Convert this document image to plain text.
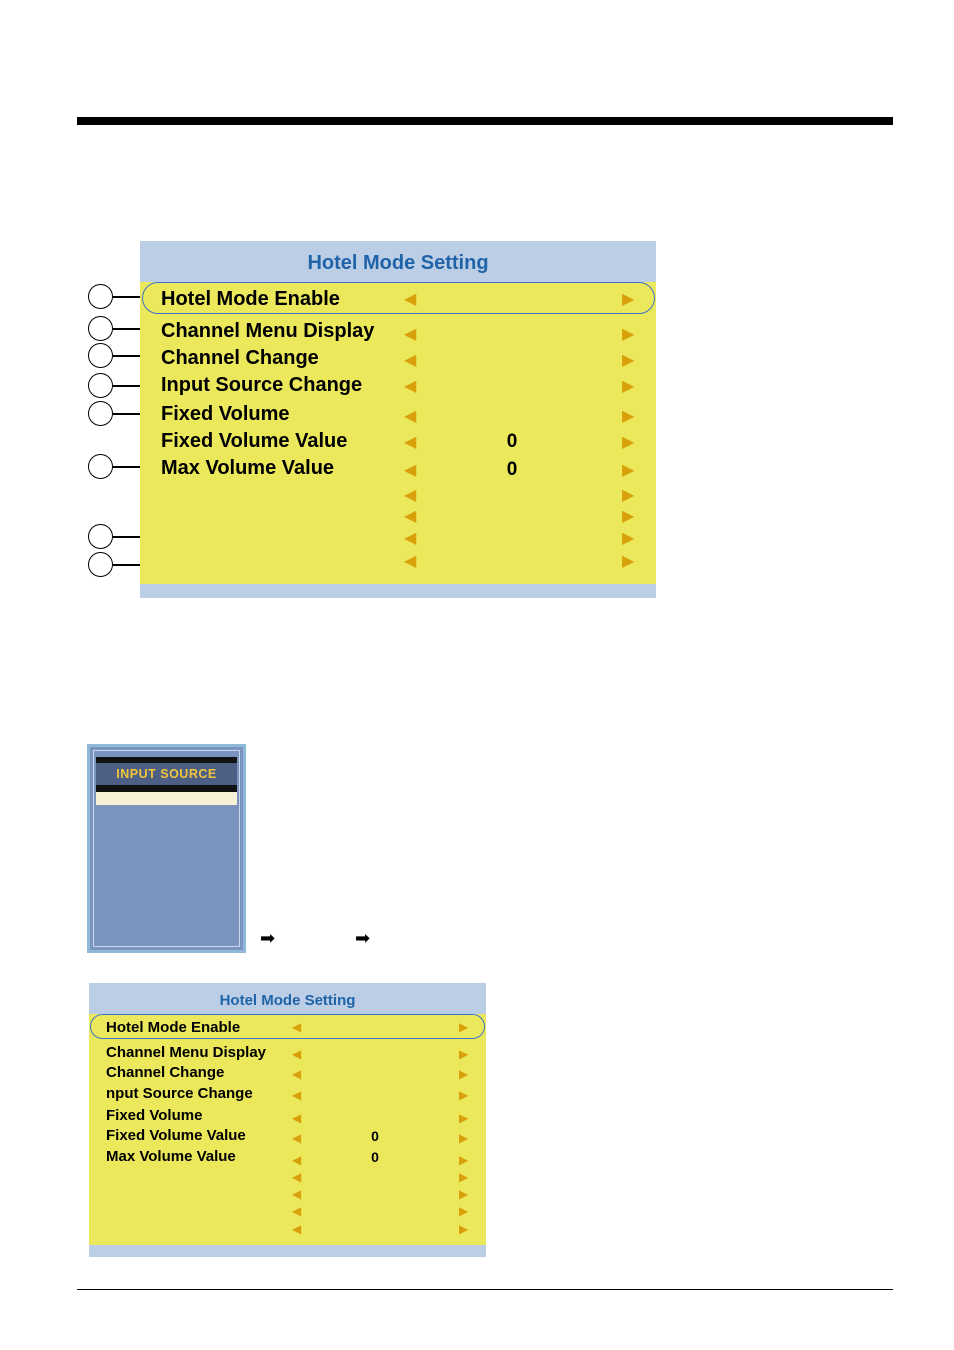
Hotel Mode Setting
Hotel Mode Enable	◀	▶
Channel Menu Display ◀	▶
Channel Change	◀	▶
Input Source Change	◀	▶
Fixed Volume	◀	▶
Fixed Volume Value	◀	0	▶
Max Volume Value	◀	0	▶
◀	▶
◀	▶
◀	▶
◀	▶
INPUT SOURCE
➡	➡
Hotel Mode Setting
Hotel Mode Enable	◀	▶
Channel Menu Display ◀	▶
Channel Change	◀	▶
nput Source Change	◀	▶
Fixed Volume	◀	▶
Fixed Volume Value	◀	0	▶
Max Volume Value	◀	0	▶
◀	▶
◀	▶
◀	▶
◀	▶
